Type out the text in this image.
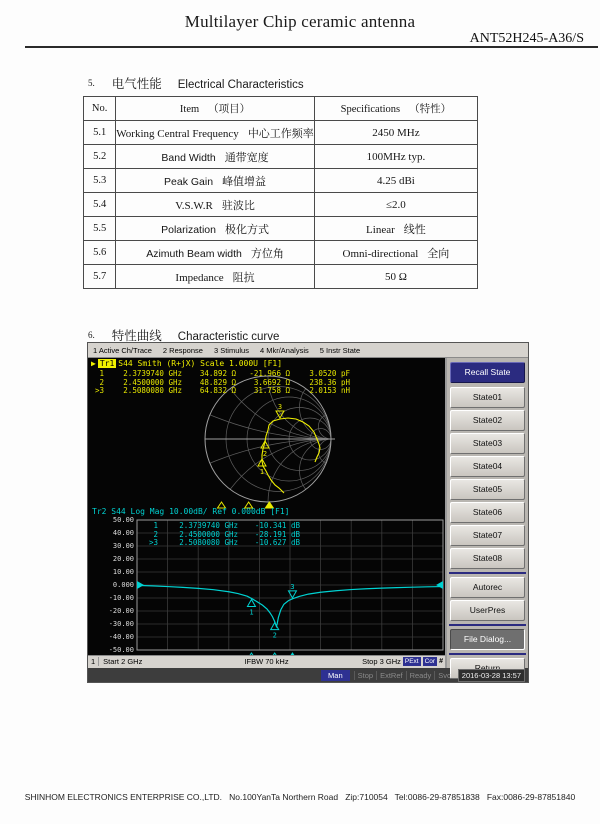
Multilayer Chip ceramic antenna
ANT52H245-A36/S
5. 电气性能 Electrical Characteristics
No.	Item （项目）	Specifications （特性）
5.1	Working Central Frequency 中心工作频率	2450 MHz
5.2	Band Width 通带宽度	100MHz typ.
5.3	Peak Gain 峰值增益	4.25 dBi
5.4	V.S.W.R 驻波比	≤2.0
5.5	Polarization 极化方式	Linear 线性
5.6	Azimuth Beam width 方位角	Omni-directional 全向
5.7	Impedance 阻抗	50 Ω
6. 特性曲线 Characteristic curve
1 Active Ch/Trace 2 Response 3 Stimulus 4 Mkr/Analysis 5 Instr State
1
2
3
1
2
3
▶ Tr1 S44 Smith (R+jX) Scale 1.000U [F1]
1	2.3739740 GHz	34.892 Ω	-21.966 Ω	3.0520 pF
2	2.4500000 GHz	48.829 Ω	3.6692 Ω	238.36 pH
>3	2.5080080 GHz	64.832 Ω	31.758 Ω	2.0153 nH
Tr2 S44 Log Mag 10.00dB/ Ref 0.000dB [F1]
50.00
40.00
30.00
20.00
10.00
0.000
-10.00
-20.00
-30.00
-40.00
-50.00
1	2.3739740 GHz	-10.341 dB
2	2.4500000 GHz	-28.191 dB
>3	2.5080080 GHz	-10.627 dB
1	Start 2 GHz	IFBW 70 kHz	Stop 3 GHz PExt Cor #
Recall State
State01
State02
State03
State04
State05
State06
State07
State08
Autorec
UserPres
File Dialog...
Man	Stop ExtRef Ready Svc	2016-03-28 13:57
SHINHOM ELECTRONICS ENTERPRISE CO.,LTD.   No.100YanTa Northern Road   Zip:710054   Tel:0086-29-87851838   Fax:0086-29-87851840
